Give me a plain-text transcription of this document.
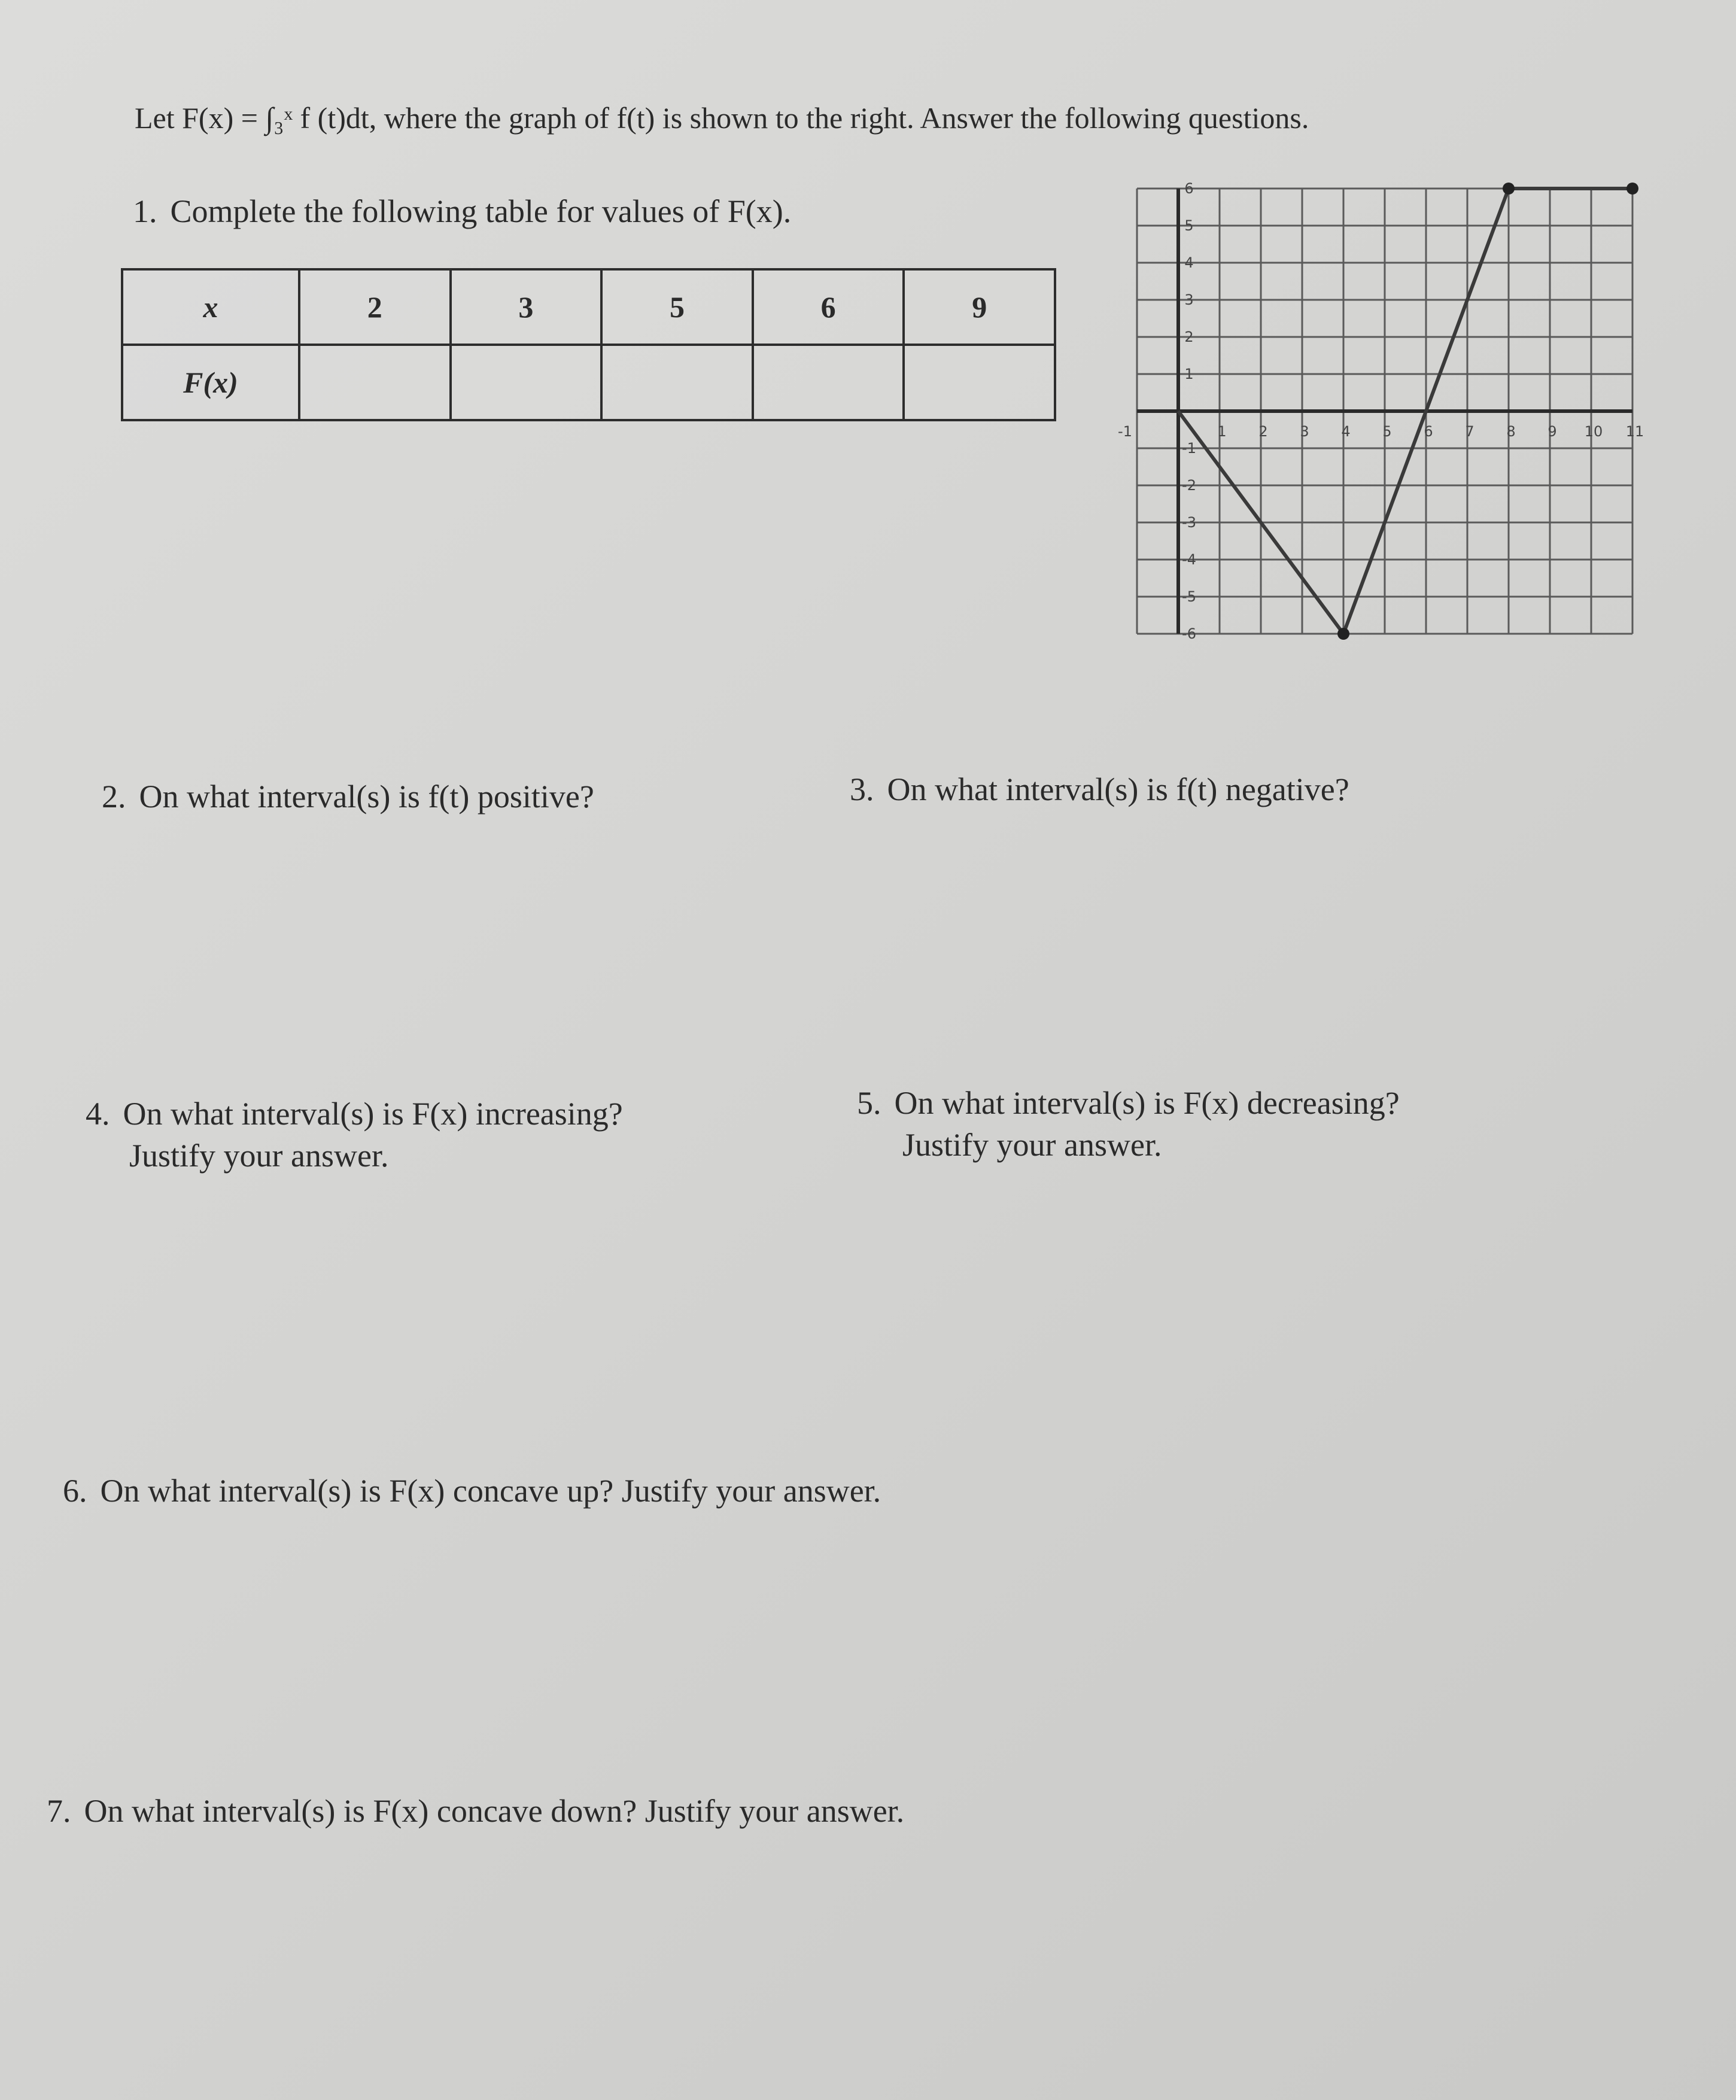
Let F(x) = ∫₃ˣ f (t)dt, where the graph of f(t) is shown to the right. Answer the following questions.
1. Complete the following table for values of F(x).
x	2	3	5	6	9
F(x)					
-1	1 2 3 4 5 6 7 8 9 10 11
-6
-5
-4
-3
-2
-1
1
2
3
4
5
6
2. On what interval(s) is f(t) positive?	3. On what interval(s) is f(t) negative?
4. On what interval(s) is F(x) increasing?
Justify your answer.
5. On what interval(s) is F(x) decreasing?
Justify your answer.
6. On what interval(s) is F(x) concave up? Justify your answer.
7. On what interval(s) is F(x) concave down? Justify your answer.
